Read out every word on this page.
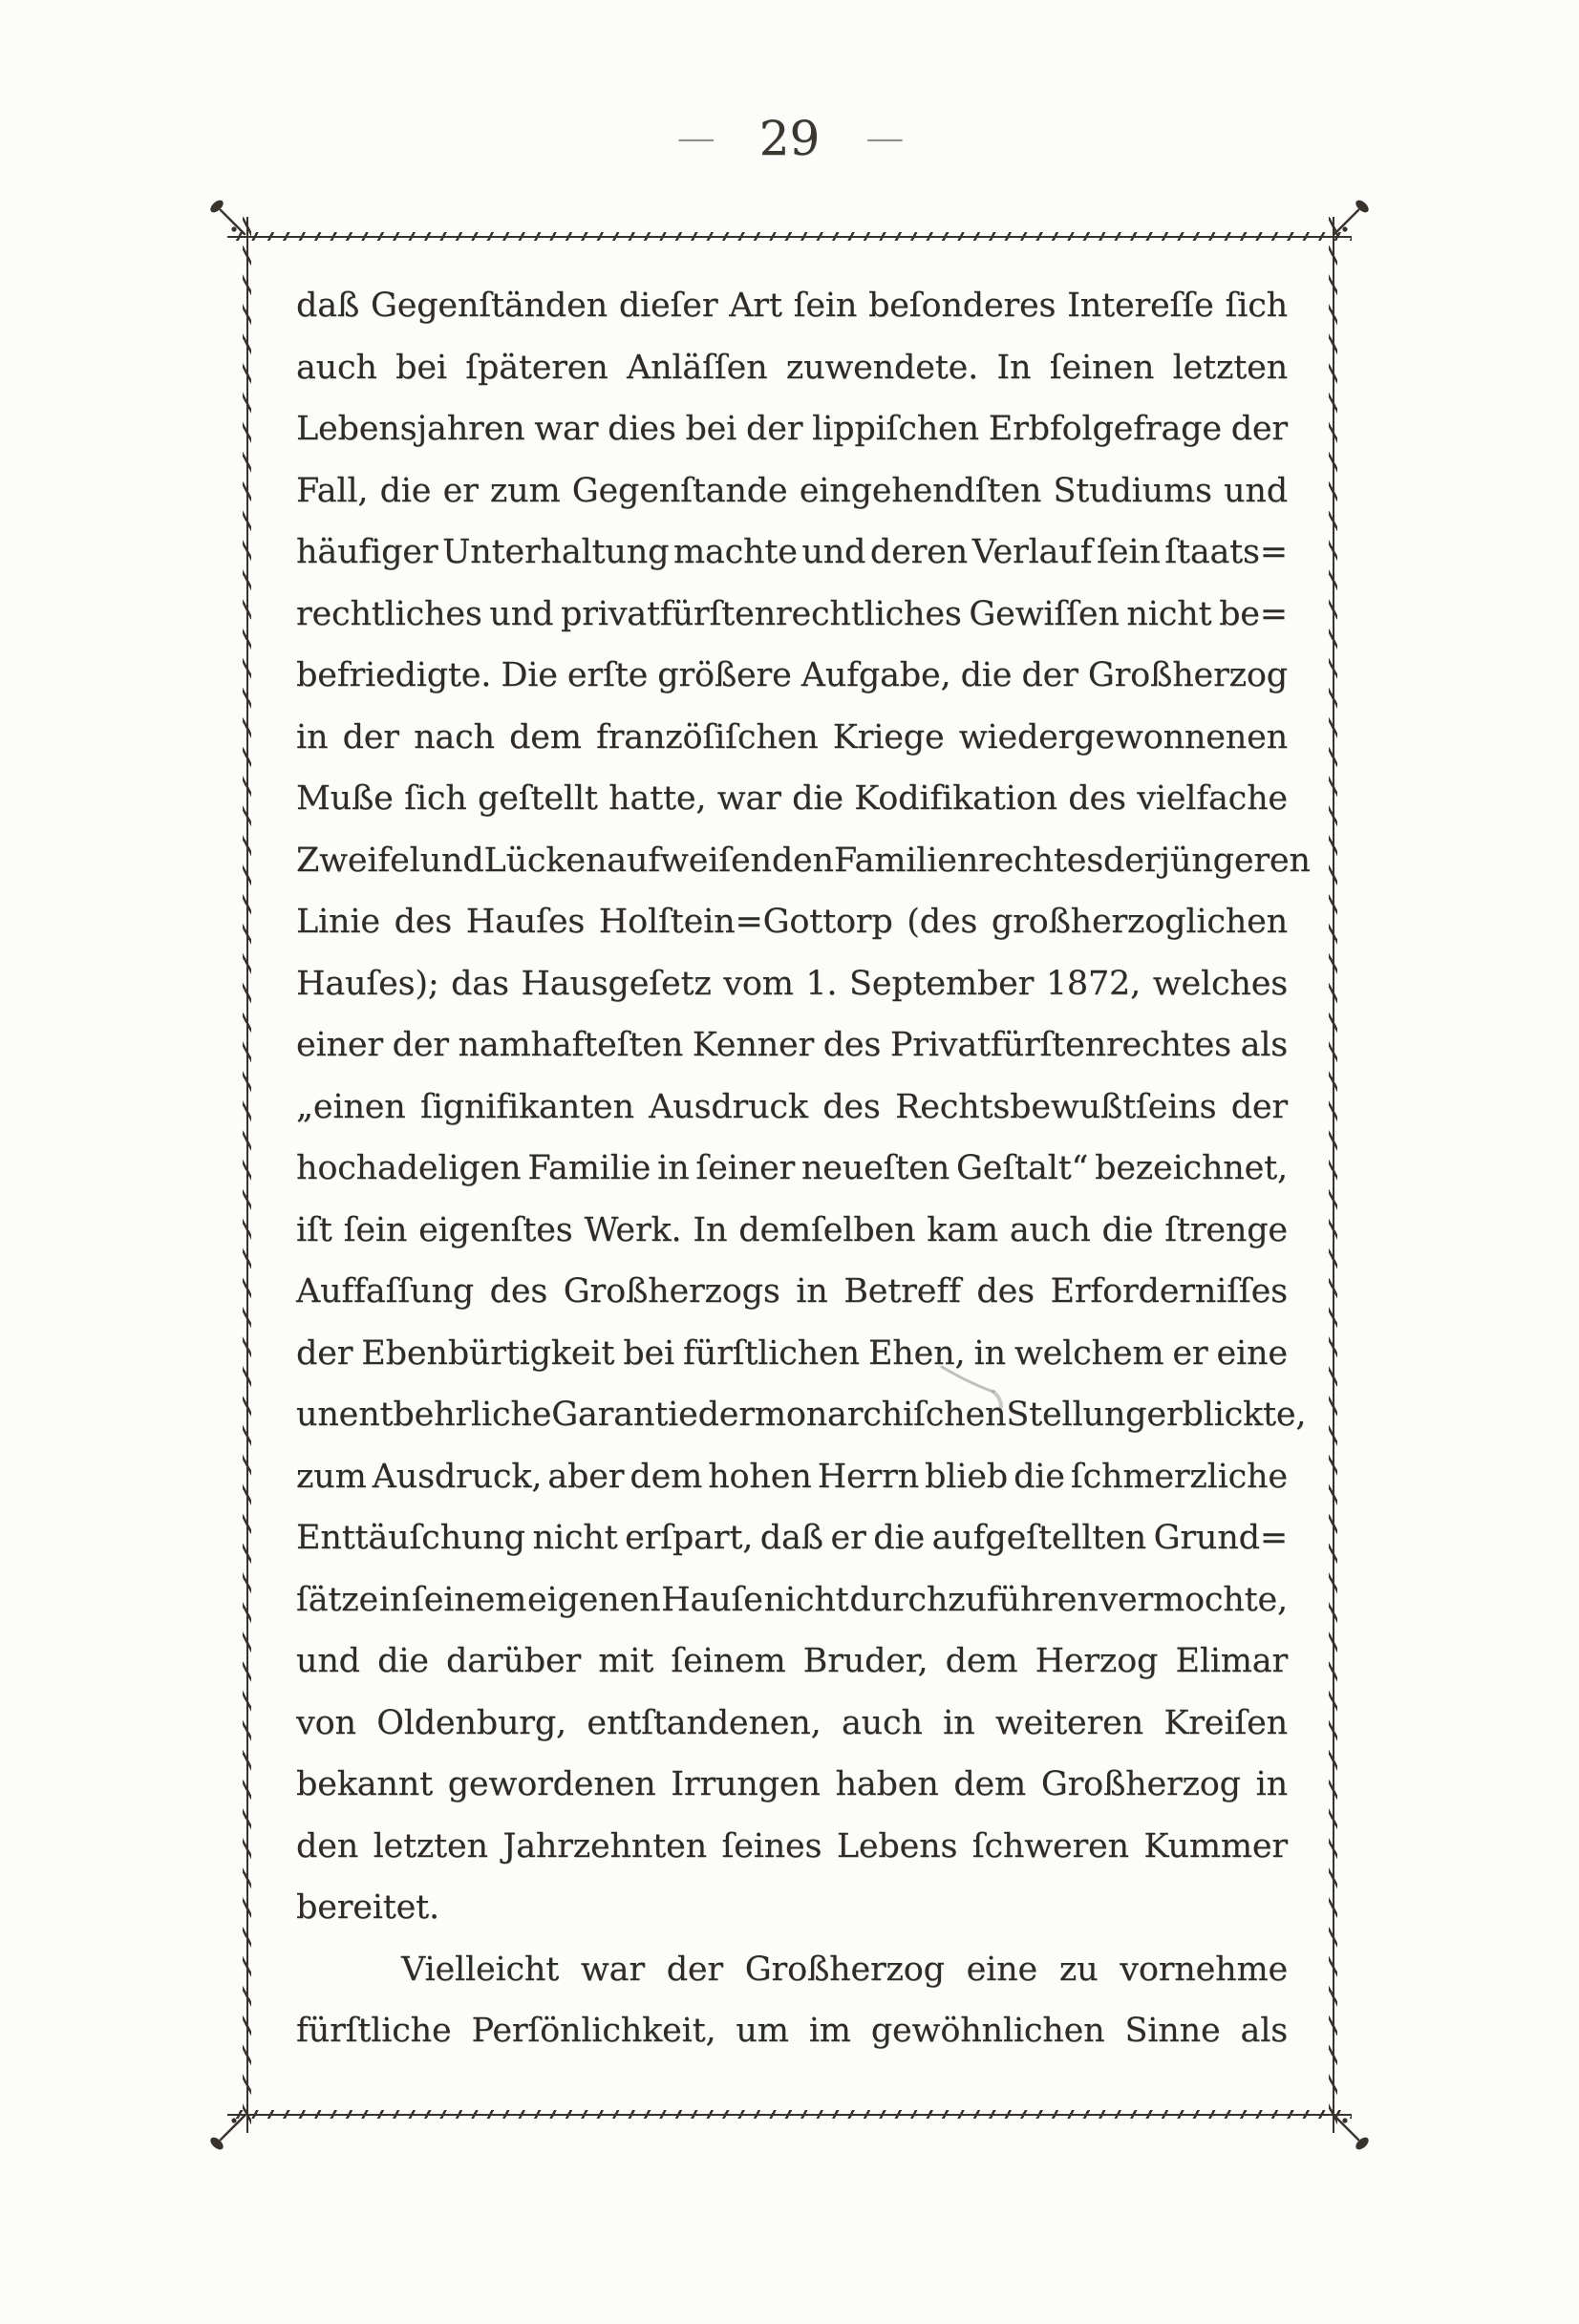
— 29 —
daß Gegenſtänden dieſer Art ſein beſonderes Intereſſe ſich
auch bei ſpäteren Anläſſen zuwendete. In ſeinen letzten
Lebensjahren war dies bei der lippiſchen Erbfolgefrage der
Fall, die er zum Gegenſtande eingehendſten Studiums und
häufiger Unterhaltung machte und deren Verlauf ſein ſtaats=
rechtliches und privatfürſtenrechtliches Gewiſſen nicht be=
befriedigte. Die erſte größere Aufgabe, die der Großherzog
in der nach dem franzöſiſchen Kriege wiedergewonnenen
Muße ſich geſtellt hatte, war die Kodifikation des vielfache
Zweifel und Lücken aufweiſenden Familienrechtes der jüngeren
Linie des Hauſes Holſtein=Gottorp (des großherzoglichen
Hauſes); das Hausgeſetz vom 1. September 1872, welches
einer der namhafteſten Kenner des Privatfürſtenrechtes als
„einen ſignifikanten Ausdruck des Rechtsbewußtſeins der
hochadeligen Familie in ſeiner neueſten Geſtalt“ bezeichnet,
iſt ſein eigenſtes Werk. In demſelben kam auch die ſtrenge
Auffaſſung des Großherzogs in Betreff des Erforderniſſes
der Ebenbürtigkeit bei fürſtlichen Ehen, in welchem er eine
unentbehrliche Garantie der monarchiſchen Stellung erblickte,
zum Ausdruck, aber dem hohen Herrn blieb die ſchmerzliche
Enttäuſchung nicht erſpart, daß er die aufgeſtellten Grund=
ſätze in ſeinem eigenen Hauſe nicht durchzuführen vermochte,
und die darüber mit ſeinem Bruder, dem Herzog Elimar
von Oldenburg, entſtandenen, auch in weiteren Kreiſen
bekannt gewordenen Irrungen haben dem Großherzog in
den letzten Jahrzehnten ſeines Lebens ſchweren Kummer
bereitet.
Vielleicht war der Großherzog eine zu vornehme
fürſtliche Perſönlichkeit, um im gewöhnlichen Sinne als
